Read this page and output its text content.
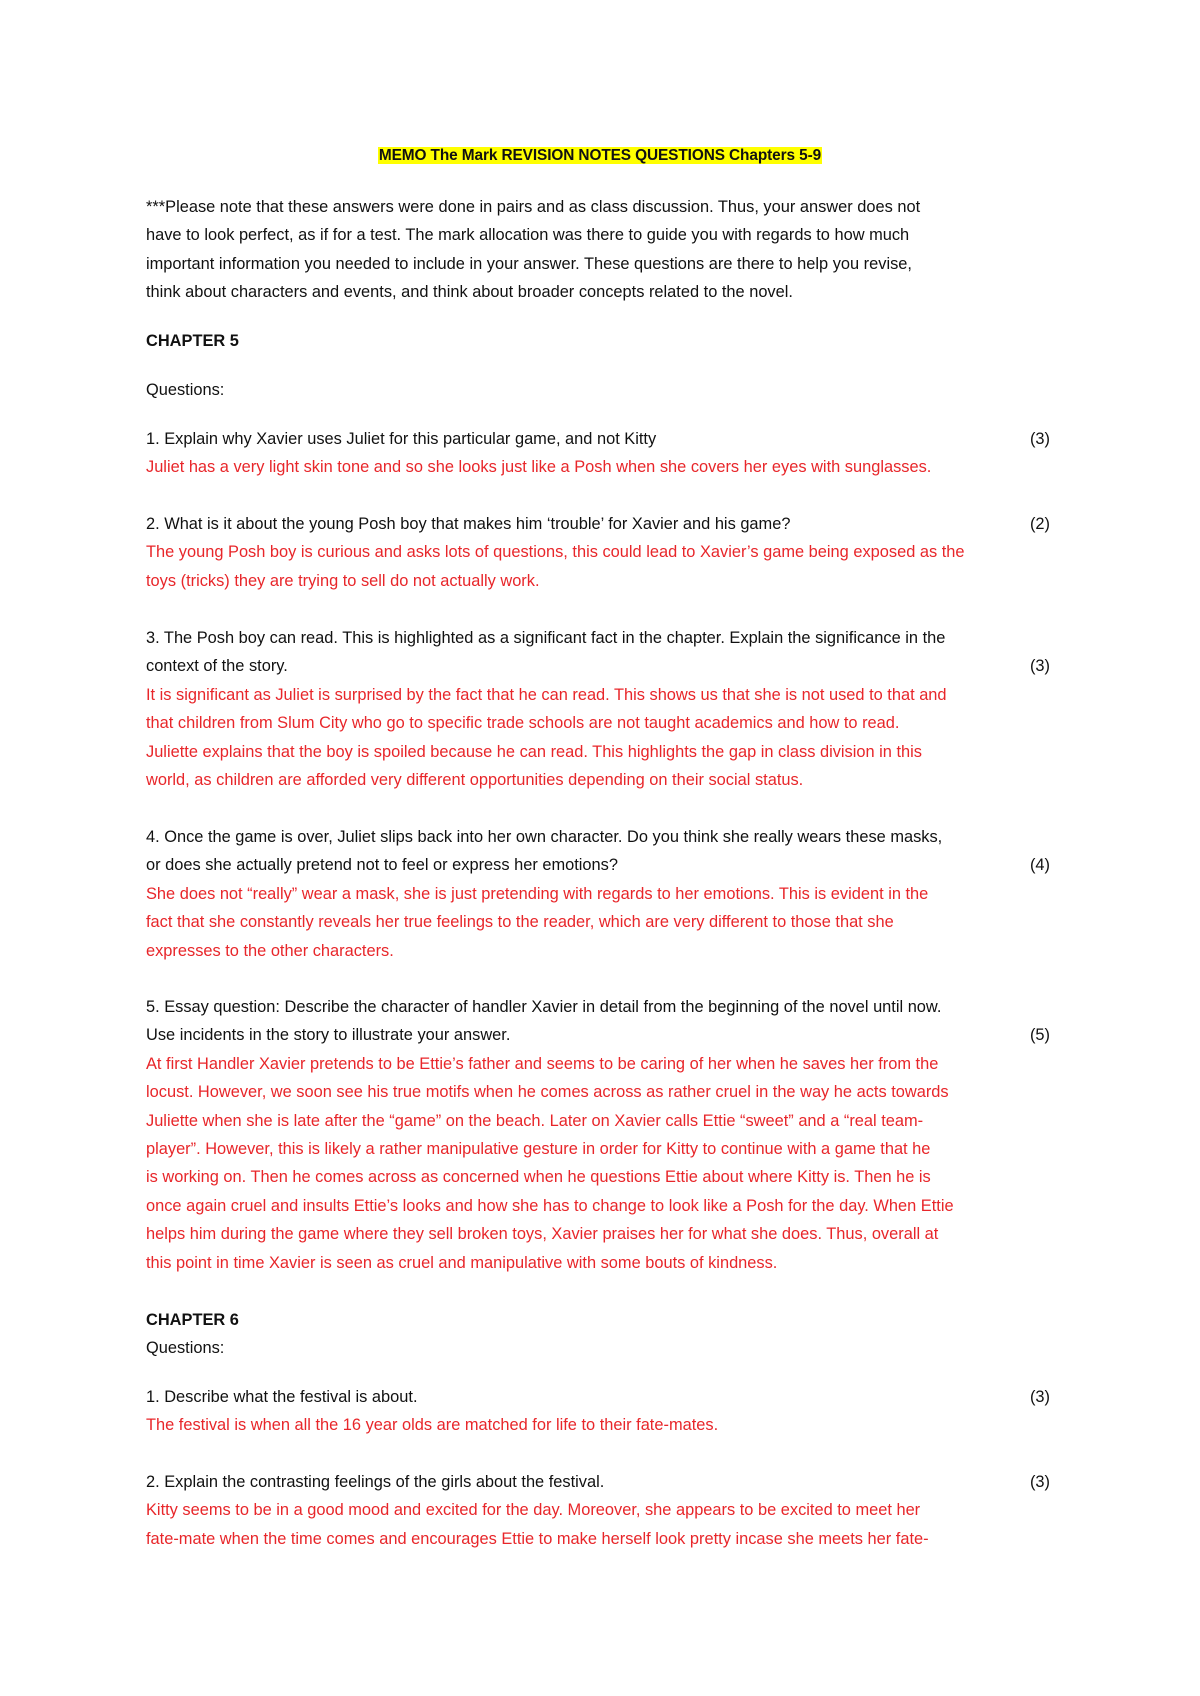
MEMO The Mark REVISION NOTES QUESTIONS Chapters 5-9
***Please note that these answers were done in pairs and as class discussion. Thus, your answer does not
have to look perfect, as if for a test. The mark allocation was there to guide you with regards to how much
important information you needed to include in your answer. These questions are there to help you revise,
think about characters and events, and think about broader concepts related to the novel.
CHAPTER 5
Questions:
1. Explain why Xavier uses Juliet for this particular game, and not Kitty	(3)
Juliet has a very light skin tone and so she looks just like a Posh when she covers her eyes with sunglasses.
2. What is it about the young Posh boy that makes him ‘trouble’ for Xavier and his game?	(2)
The young Posh boy is curious and asks lots of questions, this could lead to Xavier’s game being exposed as the
toys (tricks) they are trying to sell do not actually work.
3. The Posh boy can read. This is highlighted as a significant fact in the chapter. Explain the significance in the
context of the story.	(3)
It is significant as Juliet is surprised by the fact that he can read. This shows us that she is not used to that and
that children from Slum City who go to specific trade schools are not taught academics and how to read.
Juliette explains that the boy is spoiled because he can read. This highlights the gap in class division in this
world, as children are afforded very different opportunities depending on their social status.
4. Once the game is over, Juliet slips back into her own character. Do you think she really wears these masks,
or does she actually pretend not to feel or express her emotions?	(4)
She does not “really” wear a mask, she is just pretending with regards to her emotions. This is evident in the
fact that she constantly reveals her true feelings to the reader, which are very different to those that she
expresses to the other characters.
5. Essay question: Describe the character of handler Xavier in detail from the beginning of the novel until now.
Use incidents in the story to illustrate your answer.	(5)
At first Handler Xavier pretends to be Ettie’s father and seems to be caring of her when he saves her from the
locust. However, we soon see his true motifs when he comes across as rather cruel in the way he acts towards
Juliette when she is late after the “game” on the beach. Later on Xavier calls Ettie “sweet” and a “real team-
player”. However, this is likely a rather manipulative gesture in order for Kitty to continue with a game that he
is working on. Then he comes across as concerned when he questions Ettie about where Kitty is. Then he is
once again cruel and insults Ettie’s looks and how she has to change to look like a Posh for the day. When Ettie
helps him during the game where they sell broken toys, Xavier praises her for what she does. Thus, overall at
this point in time Xavier is seen as cruel and manipulative with some bouts of kindness.
CHAPTER 6
Questions:
1. Describe what the festival is about.	(3)
The festival is when all the 16 year olds are matched for life to their fate-mates.
2. Explain the contrasting feelings of the girls about the festival.	(3)
Kitty seems to be in a good mood and excited for the day. Moreover, she appears to be excited to meet her
fate-mate when the time comes and encourages Ettie to make herself look pretty incase she meets her fate-
